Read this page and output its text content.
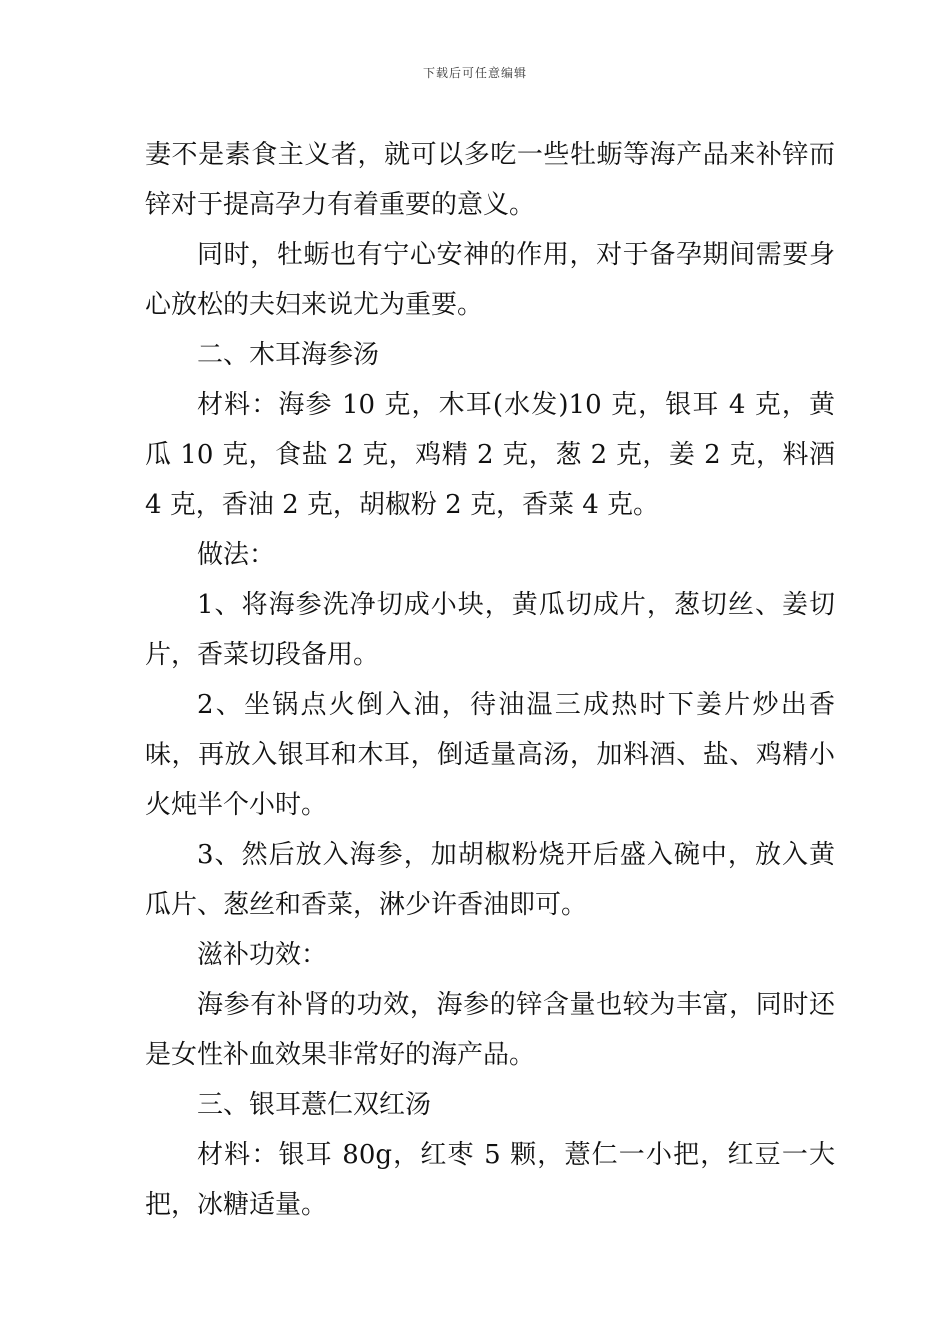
下载后可任意编辑

妻不是素食主义者，就可以多吃一些牡蛎等海产品来补锌而锌对于提高孕力有着重要的意义。

同时，牡蛎也有宁心安神的作用，对于备孕期间需要身心放松的夫妇来说尤为重要。

二、木耳海参汤

材料：海参 10 克，木耳(水发)10 克，银耳 4 克，黄瓜 10 克，食盐 2 克，鸡精 2 克，葱 2 克，姜 2 克，料酒 4 克，香油 2 克，胡椒粉 2 克，香菜 4 克。

做法：

1、将海参洗净切成小块，黄瓜切成片，葱切丝、姜切片，香菜切段备用。

2、坐锅点火倒入油，待油温三成热时下姜片炒出香味，再放入银耳和木耳，倒适量高汤，加料酒、盐、鸡精小火炖半个小时。

3、然后放入海参，加胡椒粉烧开后盛入碗中，放入黄瓜片、葱丝和香菜，淋少许香油即可。

滋补功效：

海参有补肾的功效，海参的锌含量也较为丰富，同时还是女性补血效果非常好的海产品。

三、银耳薏仁双红汤

材料：银耳 80g，红枣 5 颗，薏仁一小把，红豆一大把，冰糖适量。
